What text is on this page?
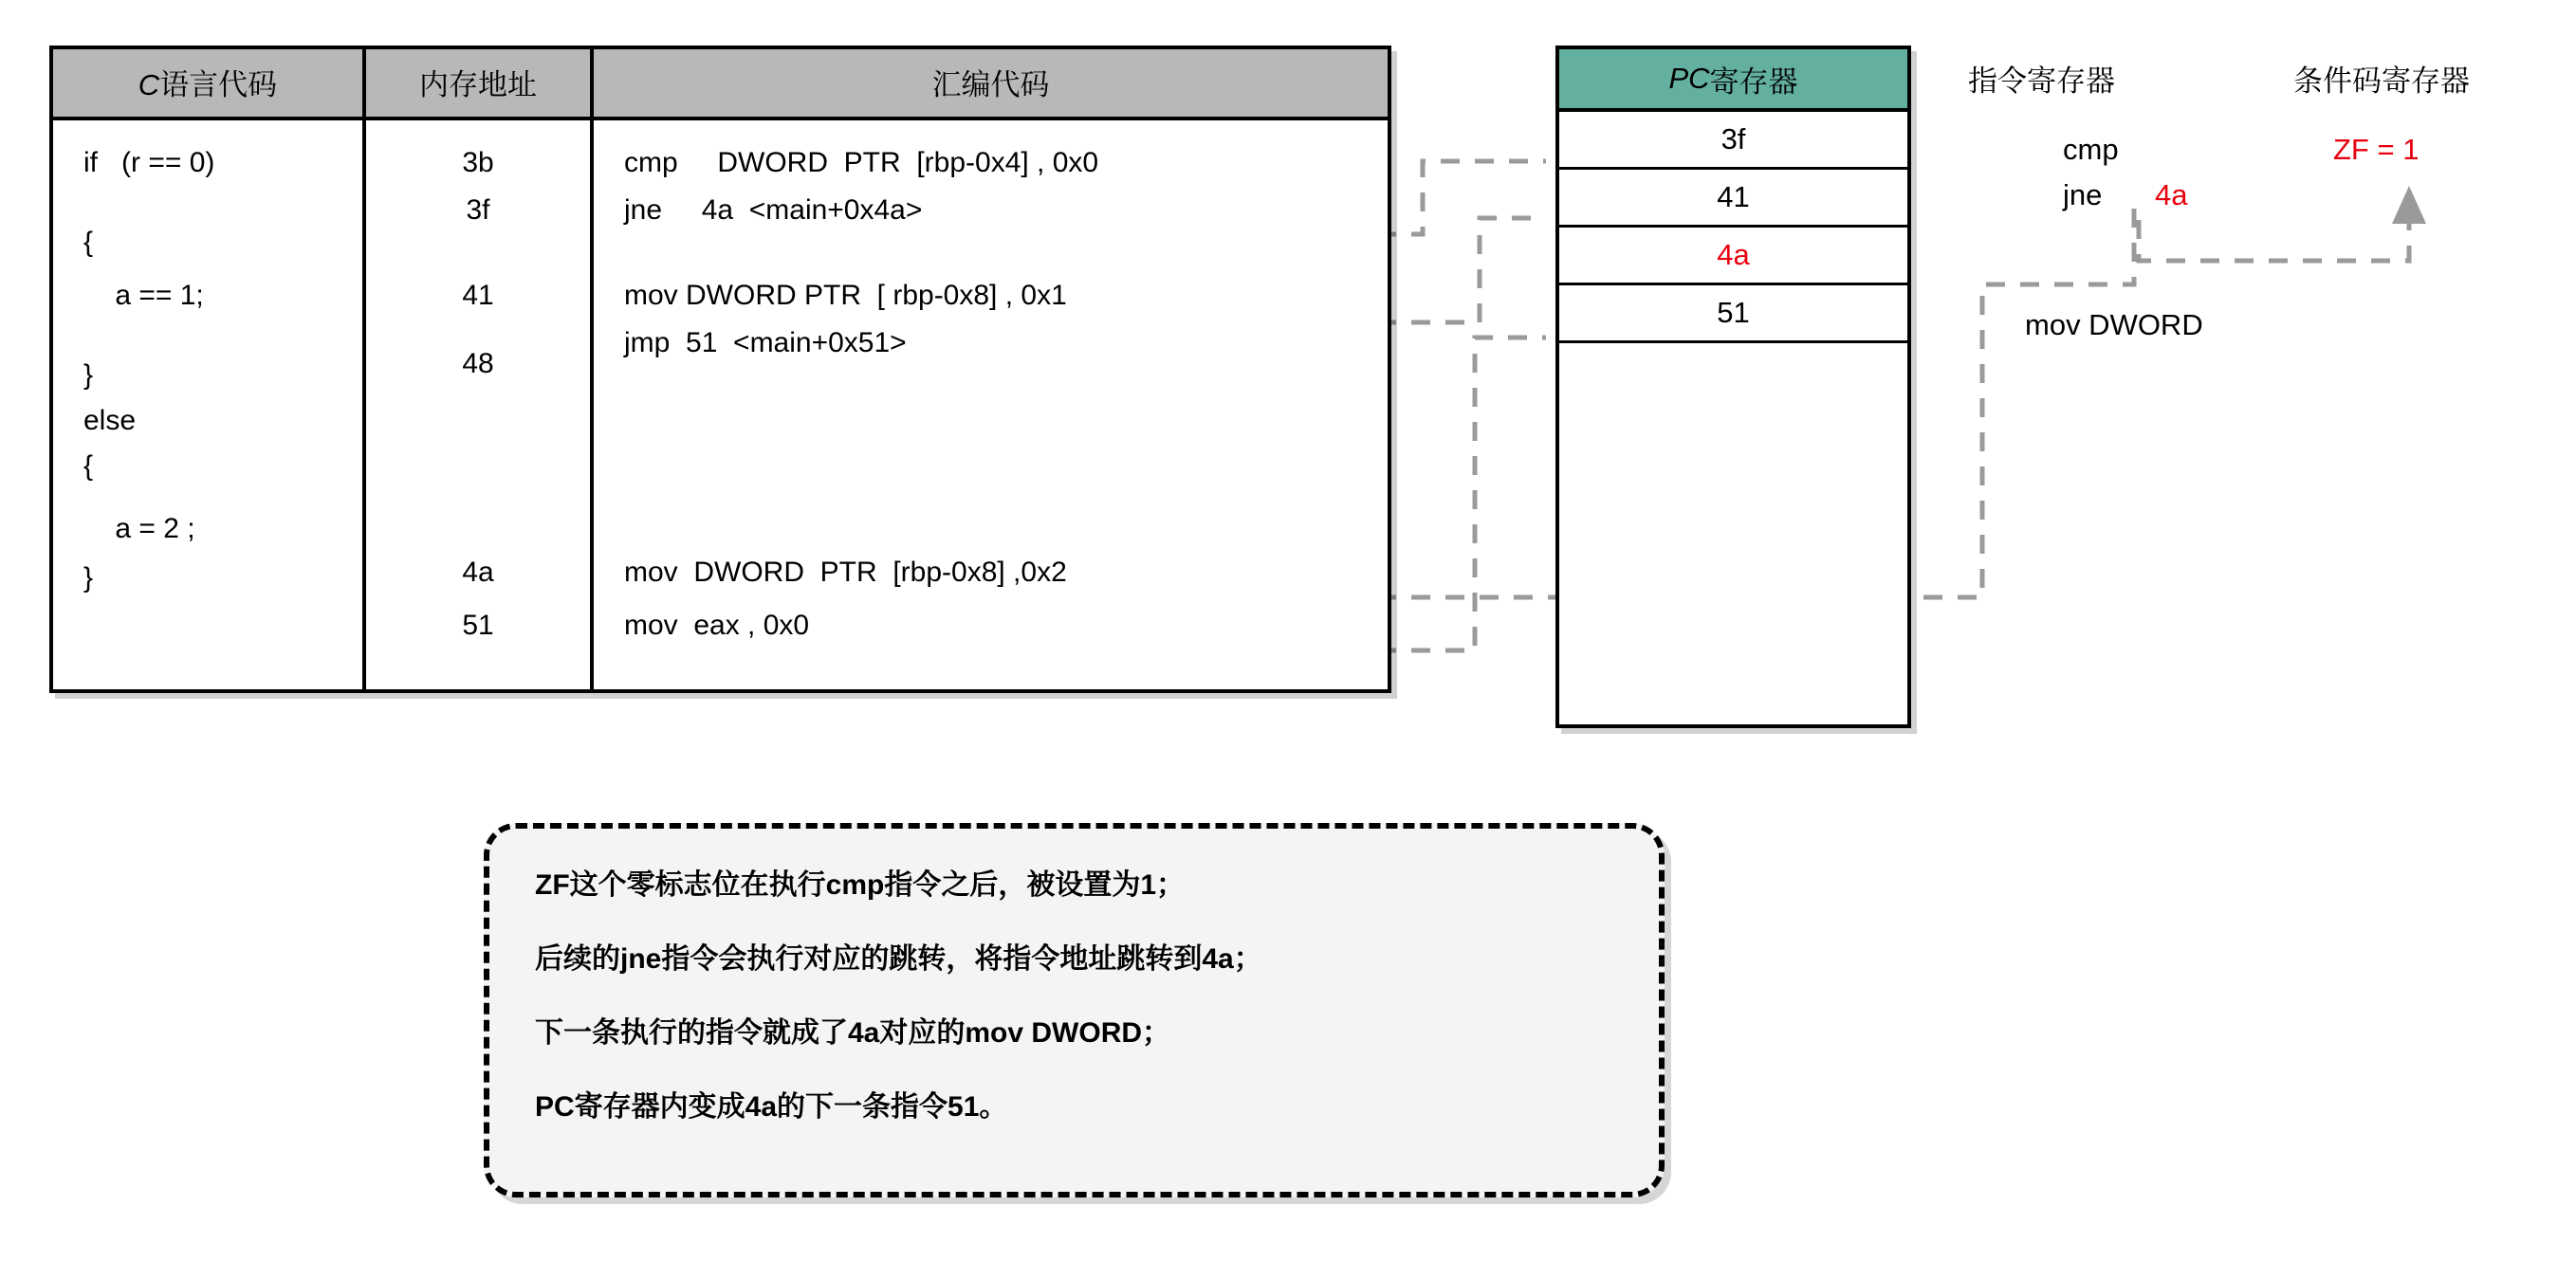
C语言代码	内存地址	汇编代码
if   (r == 0)
{
a == 1;
}
else
{
a = 2 ;
}
3b
3f
41
48
4a
51
cmp     DWORD  PTR  [rbp-0x4] , 0x0
jne     4a  <main+0x4a>
mov DWORD PTR  [ rbp-0x8] , 0x1
jmp  51  <main+0x51>
mov  DWORD  PTR  [rbp-0x8] ,0x2
mov  eax , 0x0
PC 寄存器
3f
41
4a
51
指令寄存器
cmp
jne 4a
mov DWORD
条件码寄存器
ZF = 1

ZF这个零标志位在执行cmp指令之后，被设置为1；

后续的jne指令会执行对应的跳转，将指令地址跳转到4a；

下一条执行的指令就成了4a对应的mov DWORD；

PC寄存器内变成4a的下一条指令51。
